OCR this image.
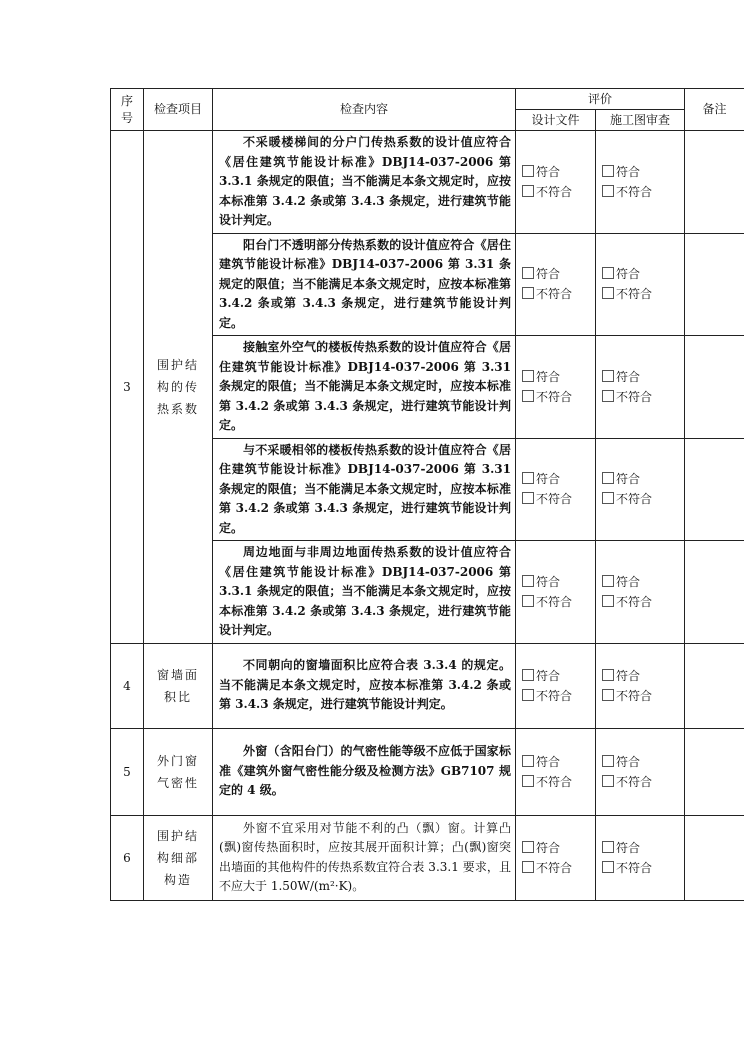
序
号	检查项目	检查内容	评价		备注
			设计文件	施工图审查	
3	围护结
构的传
热系数	不采暖楼梯间的分户门传热系数的设计值应符合《居住建筑节能设计标准》DBJ14-037-2006 第 3.3.1 条规定的限值；当不能满足本条文规定时，应按本标准第 3.4.2 条或第 3.4.3 条规定，进行建筑节能设计判定。	符合
不符合	符合
不符合	

		阳台门不透明部分传热系数的设计值应符合《居住建筑节能设计标准》DBJ14-037-2006 第 3.31 条规定的限值；当不能满足本条文规定时，应按本标准第 3.4.2 条或第 3.4.3 条规定，进行建筑节能设计判定。	符合
不符合	符合
不符合	

		接触室外空气的楼板传热系数的设计值应符合《居住建筑节能设计标准》DBJ14-037-2006 第 3.31 条规定的限值；当不能满足本条文规定时，应按本标准第 3.4.2 条或第 3.4.3 条规定，进行建筑节能设计判定。	符合
不符合	符合
不符合	

		与不采暖相邻的楼板传热系数的设计值应符合《居住建筑节能设计标准》DBJ14-037-2006 第 3.31 条规定的限值；当不能满足本条文规定时，应按本标准第 3.4.2 条或第 3.4.3 条规定，进行建筑节能设计判定。	符合
不符合	符合
不符合	

		周边地面与非周边地面传热系数的设计值应符合《居住建筑节能设计标准》DBJ14-037-2006 第 3.3.1 条规定的限值；当不能满足本条文规定时，应按本标准第 3.4.2 条或第 3.4.3 条规定，进行建筑节能设计判定。	符合
不符合	符合
不符合	

4	窗墙面
积比	不同朝向的窗墙面积比应符合表 3.3.4 的规定。当不能满足本条文规定时，应按本标准第 3.4.2 条或第 3.4.3 条规定，进行建筑节能设计判定。	符合
不符合	符合
不符合	

5	外门窗
气密性	外窗（含阳台门）的气密性能等级不应低于国家标准《建筑外窗气密性能分级及检测方法》GB7107 规定的 4 级。	符合
不符合	符合
不符合	

6	围护结
构细部
构造	外窗不宜采用对节能不利的凸（飘）窗。计算凸(飘)窗传热面积时，应按其展开面积计算；凸(飘)窗突出墙面的其他构件的传热系数宜符合表 3.3.1 要求，且不应大于 1.50W/(m²·K)。	符合
不符合	符合
不符合	
